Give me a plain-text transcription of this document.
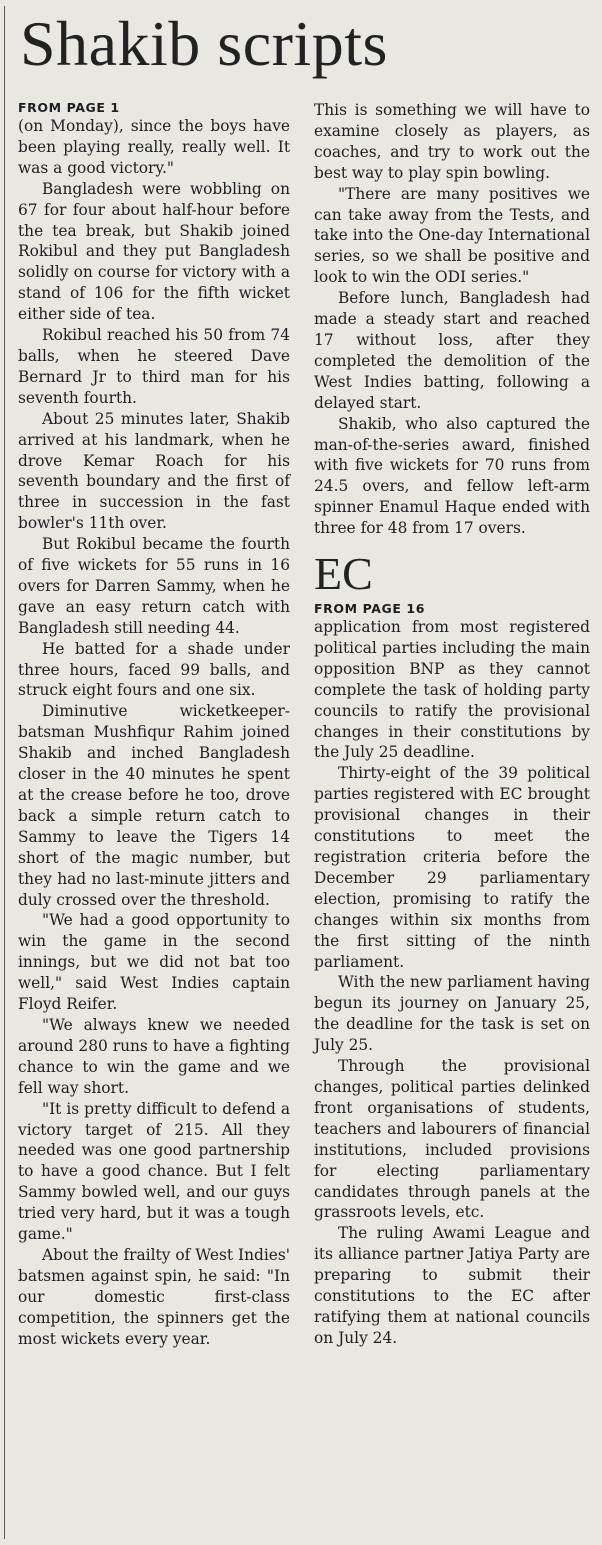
Shakib scripts
FROM PAGE 1

(on Monday), since the boys have been playing really, really well. It was a good victory."

Bangladesh were wobbling on 67 for four about half-hour before the tea break, but Shakib joined Rokibul and they put Bangladesh solidly on course for victory with a stand of 106 for the fifth wicket either side of tea.

Rokibul reached his 50 from 74 balls, when he steered Dave Bernard Jr to third man for his seventh fourth.

About 25 minutes later, Shakib arrived at his landmark, when he drove Kemar Roach for his seventh boundary and the first of three in succession in the fast bowler's 11th over.

But Rokibul became the fourth of five wickets for 55 runs in 16 overs for Darren Sammy, when he gave an easy return catch with Bangladesh still needing 44.

He batted for a shade under three hours, faced 99 balls, and struck eight fours and one six.

Diminutive wicketkeeper-batsman Mushfiqur Rahim joined Shakib and inched Bangladesh closer in the 40 minutes he spent at the crease before he too, drove back a simple return catch to Sammy to leave the Tigers 14 short of the magic number, but they had no last-minute jitters and duly crossed over the threshold.

"We had a good opportunity to win the game in the second innings, but we did not bat too well," said West Indies captain Floyd Reifer.

"We always knew we needed around 280 runs to have a fighting chance to win the game and we fell way short.

"It is pretty difficult to defend a victory target of 215. All they needed was one good partnership to have a good chance. But I felt Sammy bowled well, and our guys tried very hard, but it was a tough game."

About the frailty of West Indies' batsmen against spin, he said: "In our domestic first-class competition, the spinners get the most wickets every year.

This is something we will have to examine closely as players, as coaches, and try to work out the best way to play spin bowling.

"There are many positives we can take away from the Tests, and take into the One-day International series, so we shall be positive and look to win the ODI series."

Before lunch, Bangladesh had made a steady start and reached 17 without loss, after they completed the demolition of the West Indies batting, following a delayed start.

Shakib, who also captured the man-of-the-series award, finished with five wickets for 70 runs from 24.5 overs, and fellow left-arm spinner Enamul Haque ended with three for 48 from 17 overs.

EC
FROM PAGE 16

application from most registered political parties including the main opposition BNP as they cannot complete the task of holding party councils to ratify the provisional changes in their constitutions by the July 25 deadline.

Thirty-eight of the 39 political parties registered with EC brought provisional changes in their constitutions to meet the registration criteria before the December 29 parliamentary election, promising to ratify the changes within six months from the first sitting of the ninth parliament.

With the new parliament having begun its journey on January 25, the deadline for the task is set on July 25.

Through the provisional changes, political parties delinked front organisations of students, teachers and labourers of financial institutions, included provisions for electing parliamentary candidates through panels at the grassroots levels, etc.

The ruling Awami League and its alliance partner Jatiya Party are preparing to submit their constitutions to the EC after ratifying them at national councils on July 24.
